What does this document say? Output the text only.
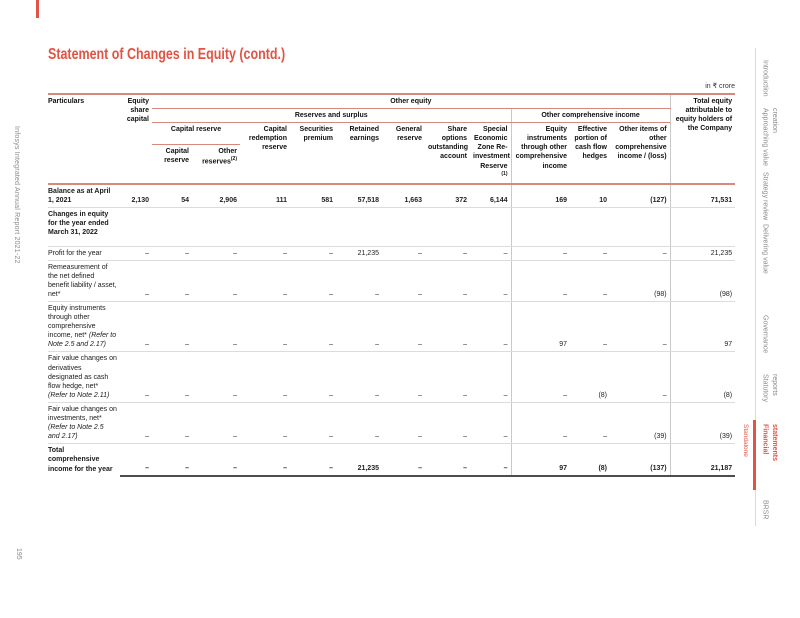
Infosys Integrated Annual Report 2021-22
195
Introduction
Approaching value creation
Strategy review
Delivering value
Governance
Statutory reports
Standalone Financial statements
BRSR
Statement of Changes in Equity (contd.)
in ₹ crore
Particulars	Equity share capital	Other equity											Total equity attributable to equity holders of the Company
		Reserves and surplus								Other comprehensive income			
		Capital reserve		Capital redemption reserve	Securities premium	Retained earnings	General reserve	Share options outstanding account	Special Economic Zone Re-investment Reserve $^{(1)}$	Equity instruments through other comprehensive income	Effective portion of cash flow hedges	Other items of other comprehensive income / (loss)	
		Capital reserve	Other reserves$^{(2)}$
Balance as at April 1, 2021	2,130	54	2,906	111	581	57,518	1,663	372	6,144	169	10	(127)	71,531
Changes in equity for the year ended March 31, 2022													
Profit for the year	–	–	–	–	–	21,235	–	–	–	–	–	–	21,235
Remeasurement of the net defined benefit liability / asset, net*	–	–	–	–	–	–	–	–	–	–	–	(98)	(98)
Equity instruments through other comprehensive income, net* (Refer to Note 2.5 and 2.17)	–	–	–	–	–	–	–	–	–	97	–	–	97
Fair value changes on derivatives designated as cash flow hedge, net* (Refer to Note 2.11)	–	–	–	–	–	–	–	–	–	–	(8)	–	(8)
Fair value changes on investments, net* (Refer to Note 2.5 and 2.17)	–	–	–	–	–	–	–	–	–	–	–	(39)	(39)
Total comprehensive income for the year	–	–	–	–	–	21,235	–	–	–	97	(8)	(137)	21,187
